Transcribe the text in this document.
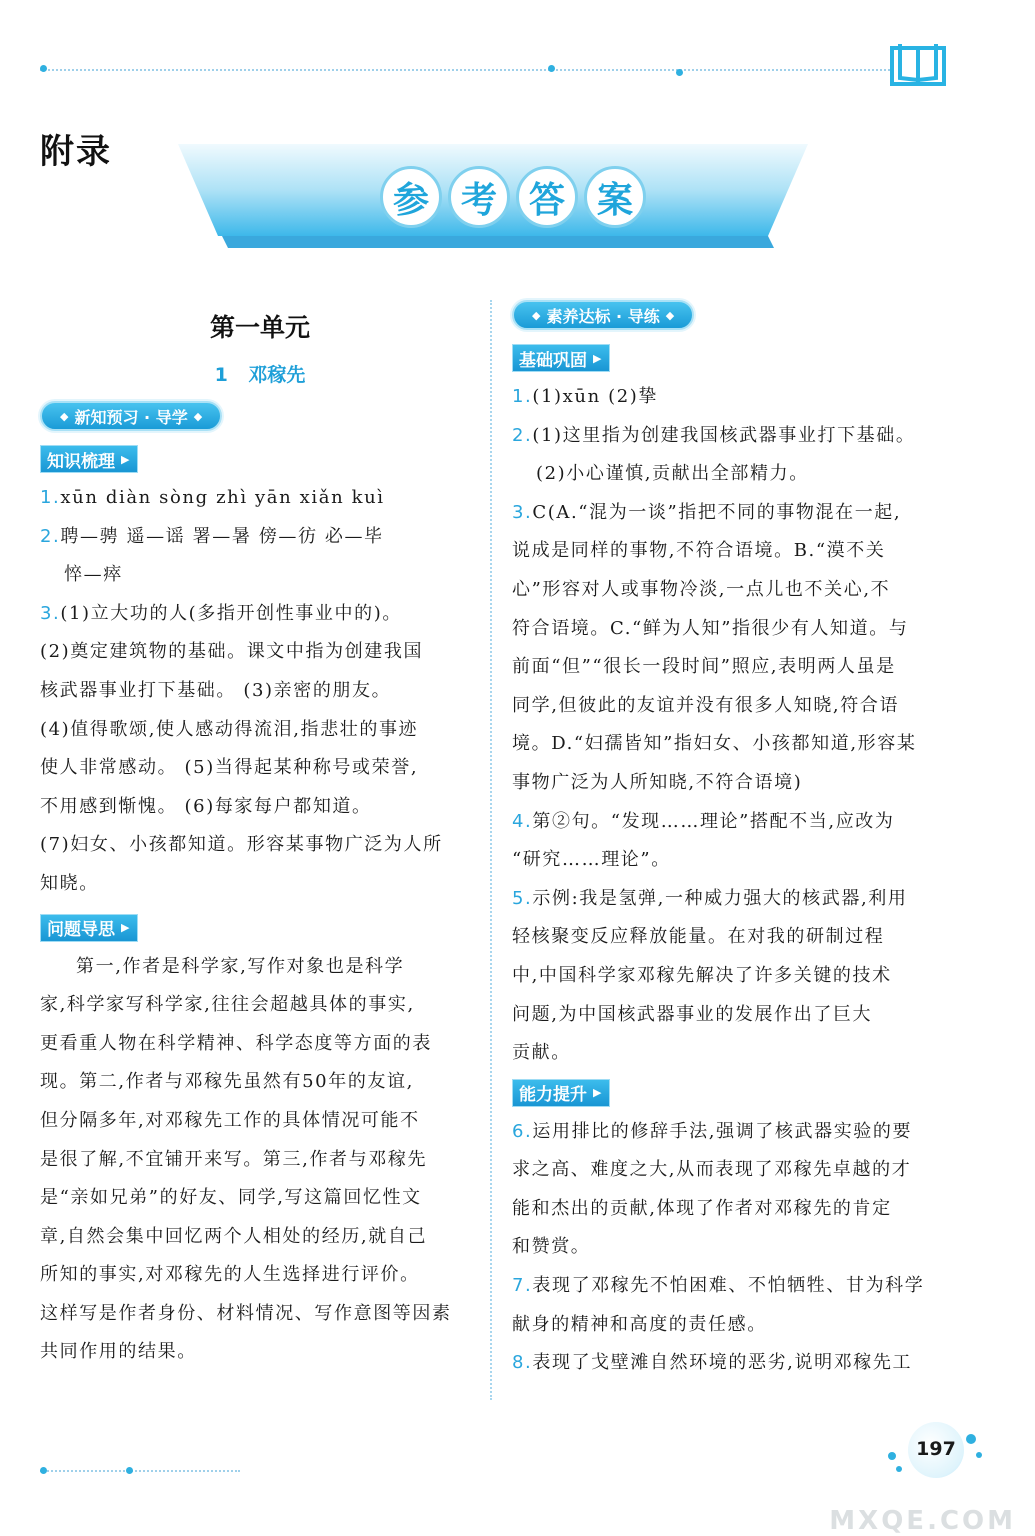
附录
参 考 答 案
第一单元
1 邓稼先
◆ 新知预习 · 导学 ◆
知识梳理 ▶
1.xūn diàn sòng zhì yān xiǎn kuì
2.聘—骋 遥—谣 署—暑 傍—彷 必—毕
悴—瘁
3.(1)立大功的人(多指开创性事业中的)。
(2)奠定建筑物的基础。课文中指为创建我国
核武器事业打下基础。 (3)亲密的朋友。
(4)值得歌颂,使人感动得流泪,指悲壮的事迹
使人非常感动。 (5)当得起某种称号或荣誉,
不用感到惭愧。 (6)每家每户都知道。
(7)妇女、小孩都知道。形容某事物广泛为人所
知晓。
问题导思 ▶
第一,作者是科学家,写作对象也是科学
家,科学家写科学家,往往会超越具体的事实,
更看重人物在科学精神、科学态度等方面的表
现。第二,作者与邓稼先虽然有50年的友谊,
但分隔多年,对邓稼先工作的具体情况可能不
是很了解,不宜铺开来写。第三,作者与邓稼先
是“亲如兄弟”的好友、同学,写这篇回忆性文
章,自然会集中回忆两个人相处的经历,就自己
所知的事实,对邓稼先的人生选择进行评价。
这样写是作者身份、材料情况、写作意图等因素
共同作用的结果。
◆ 素养达标 · 导练 ◆
基础巩固 ▶
1.(1)xūn (2)挚
2.(1)这里指为创建我国核武器事业打下基础。
(2)小心谨慎,贡献出全部精力。
3.C(A.“混为一谈”指把不同的事物混在一起,
说成是同样的事物,不符合语境。B.“漠不关
心”形容对人或事物冷淡,一点儿也不关心,不
符合语境。C.“鲜为人知”指很少有人知道。与
前面“但”“很长一段时间”照应,表明两人虽是
同学,但彼此的友谊并没有很多人知晓,符合语
境。D.“妇孺皆知”指妇女、小孩都知道,形容某
事物广泛为人所知晓,不符合语境)
4.第②句。“发现……理论”搭配不当,应改为
“研究……理论”。
5.示例:我是氢弹,一种威力强大的核武器,利用
轻核聚变反应释放能量。在对我的研制过程
中,中国科学家邓稼先解决了许多关键的技术
问题,为中国核武器事业的发展作出了巨大
贡献。
能力提升 ▶
6.运用排比的修辞手法,强调了核武器实验的要
求之高、难度之大,从而表现了邓稼先卓越的才
能和杰出的贡献,体现了作者对邓稼先的肯定
和赞赏。
7.表现了邓稼先不怕困难、不怕牺牲、甘为科学
献身的精神和高度的责任感。
8.表现了戈壁滩自然环境的恶劣,说明邓稼先工
197
MXQE.COM
